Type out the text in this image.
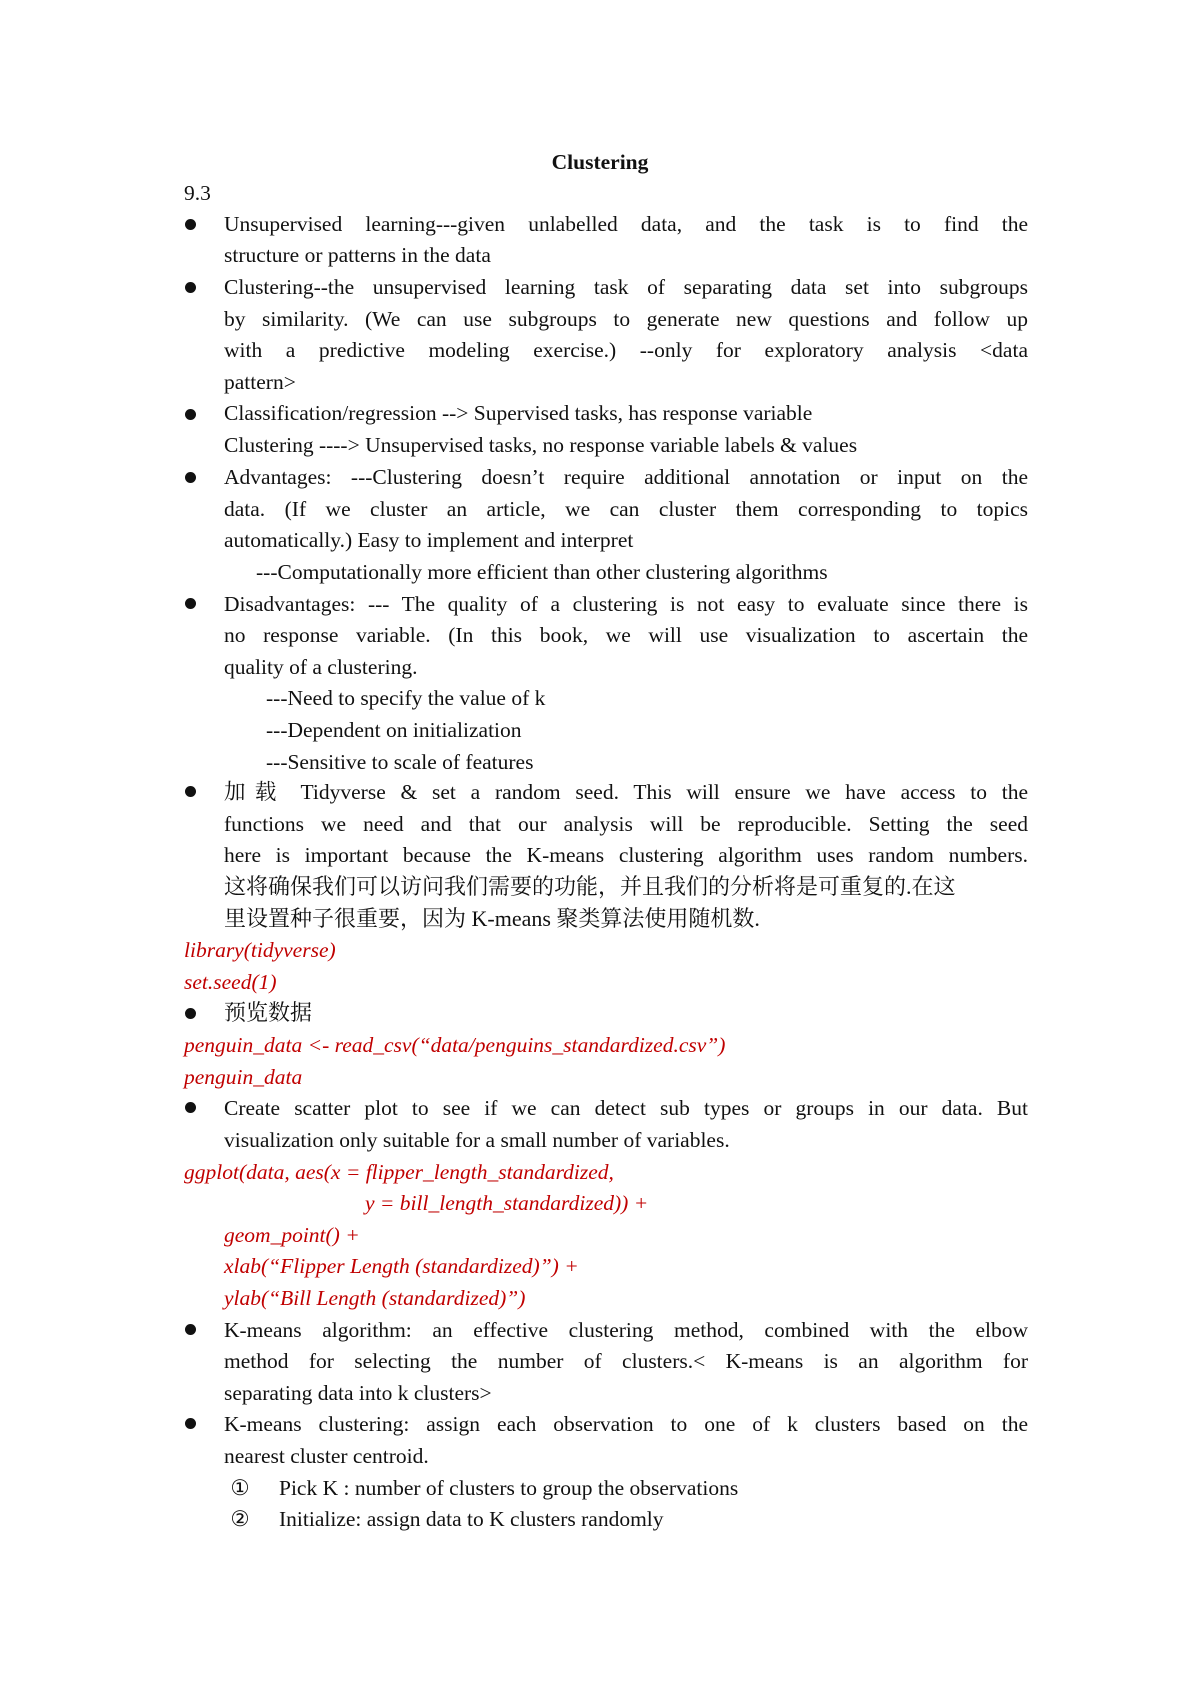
Clustering
9.3
Unsupervised learning---given unlabelled data, and the task is to find the
structure or patterns in the data
Clustering--the unsupervised learning task of separating data set into subgroups
by similarity. (We can use subgroups to generate new questions and follow up
with a predictive modeling exercise.) --only for exploratory analysis <data
pattern>
Classification/regression --> Supervised tasks, has response variable
Clustering ----> Unsupervised tasks, no response variable labels & values
Advantages: ---Clustering doesn’t require additional annotation or input on the
data. (If we cluster an article, we can cluster them corresponding to topics
automatically.) Easy to implement and interpret
---Computationally more efficient than other clustering algorithms
Disadvantages: --- The quality of a clustering is not easy to evaluate since there is
no response variable. (In this book, we will use visualization to ascertain the
quality of a clustering.
---Need to specify the value of k
---Dependent on initialization
---Sensitive to scale of features
加载 Tidyverse & set a random seed. This will ensure we have access to the
functions we need and that our analysis will be reproducible. Setting the seed
here is important because the K-means clustering algorithm uses random numbers.
这将确保我们可以访问我们需要的功能，并且我们的分析将是可重复的.在这
里设置种子很重要，因为 K-means 聚类算法使用随机数.
library(tidyverse)
set.seed(1)
预览数据
penguin_data <- read_csv(“data/penguins_standardized.csv”)
penguin_data
Create scatter plot to see if we can detect sub types or groups in our data. But
visualization only suitable for a small number of variables.
ggplot(data, aes(x = flipper_length_standardized,
y = bill_length_standardized)) +
geom_point() +
xlab(“Flipper Length (standardized)”) +
ylab(“Bill Length (standardized)”)
K-means algorithm: an effective clustering method, combined with the elbow
method for selecting the number of clusters.< K-means is an algorithm for
separating data into k clusters>
K-means clustering: assign each observation to one of k clusters based on the
nearest cluster centroid.
① Pick K : number of clusters to group the observations
② Initialize: assign data to K clusters randomly
